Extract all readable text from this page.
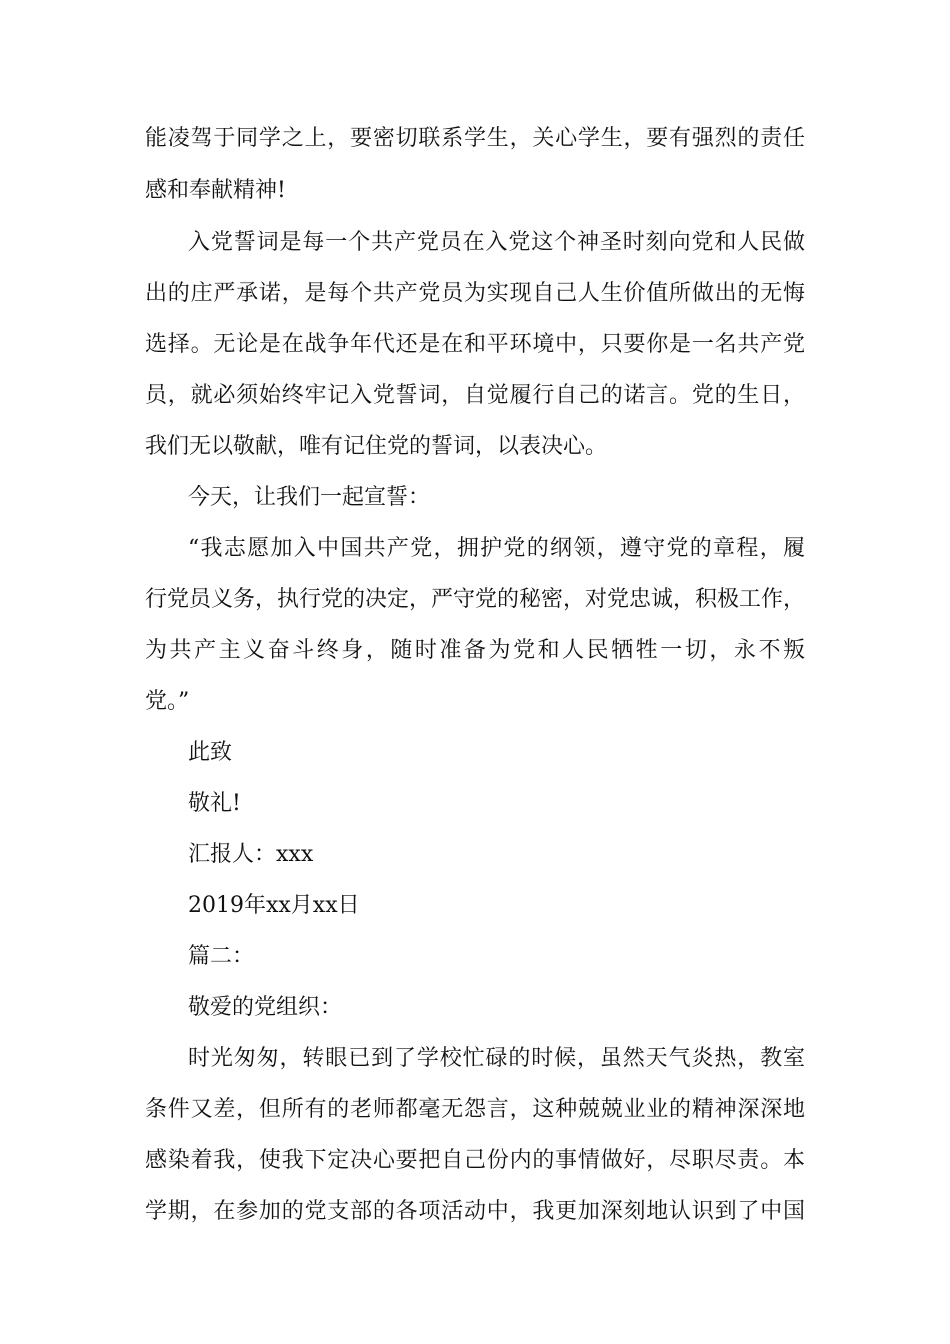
能凌驾于同学之上，要密切联系学生，关心学生，要有强烈的责任
感和奉献精神!
入党誓词是每一个共产党员在入党这个神圣时刻向党和人民做
出的庄严承诺，是每个共产党员为实现自己人生价值所做出的无悔
选择。无论是在战争年代还是在和平环境中，只要你是一名共产党
员，就必须始终牢记入党誓词，自觉履行自己的诺言。党的生日，
我们无以敬献，唯有记住党的誓词，以表决心。
今天，让我们一起宣誓：
“我志愿加入中国共产党，拥护党的纲领，遵守党的章程，履
行党员义务，执行党的决定，严守党的秘密，对党忠诚，积极工作，
为共产主义奋斗终身，随时准备为党和人民牺牲一切，永不叛
党。”
此致
敬礼!
汇报人：xxx
2019年xx月xx日
篇二：
敬爱的党组织：
时光匆匆，转眼已到了学校忙碌的时候，虽然天气炎热，教室
条件又差，但所有的老师都毫无怨言，这种兢兢业业的精神深深地
感染着我，使我下定决心要把自己份内的事情做好，尽职尽责。本
学期，在参加的党支部的各项活动中，我更加深刻地认识到了中国
